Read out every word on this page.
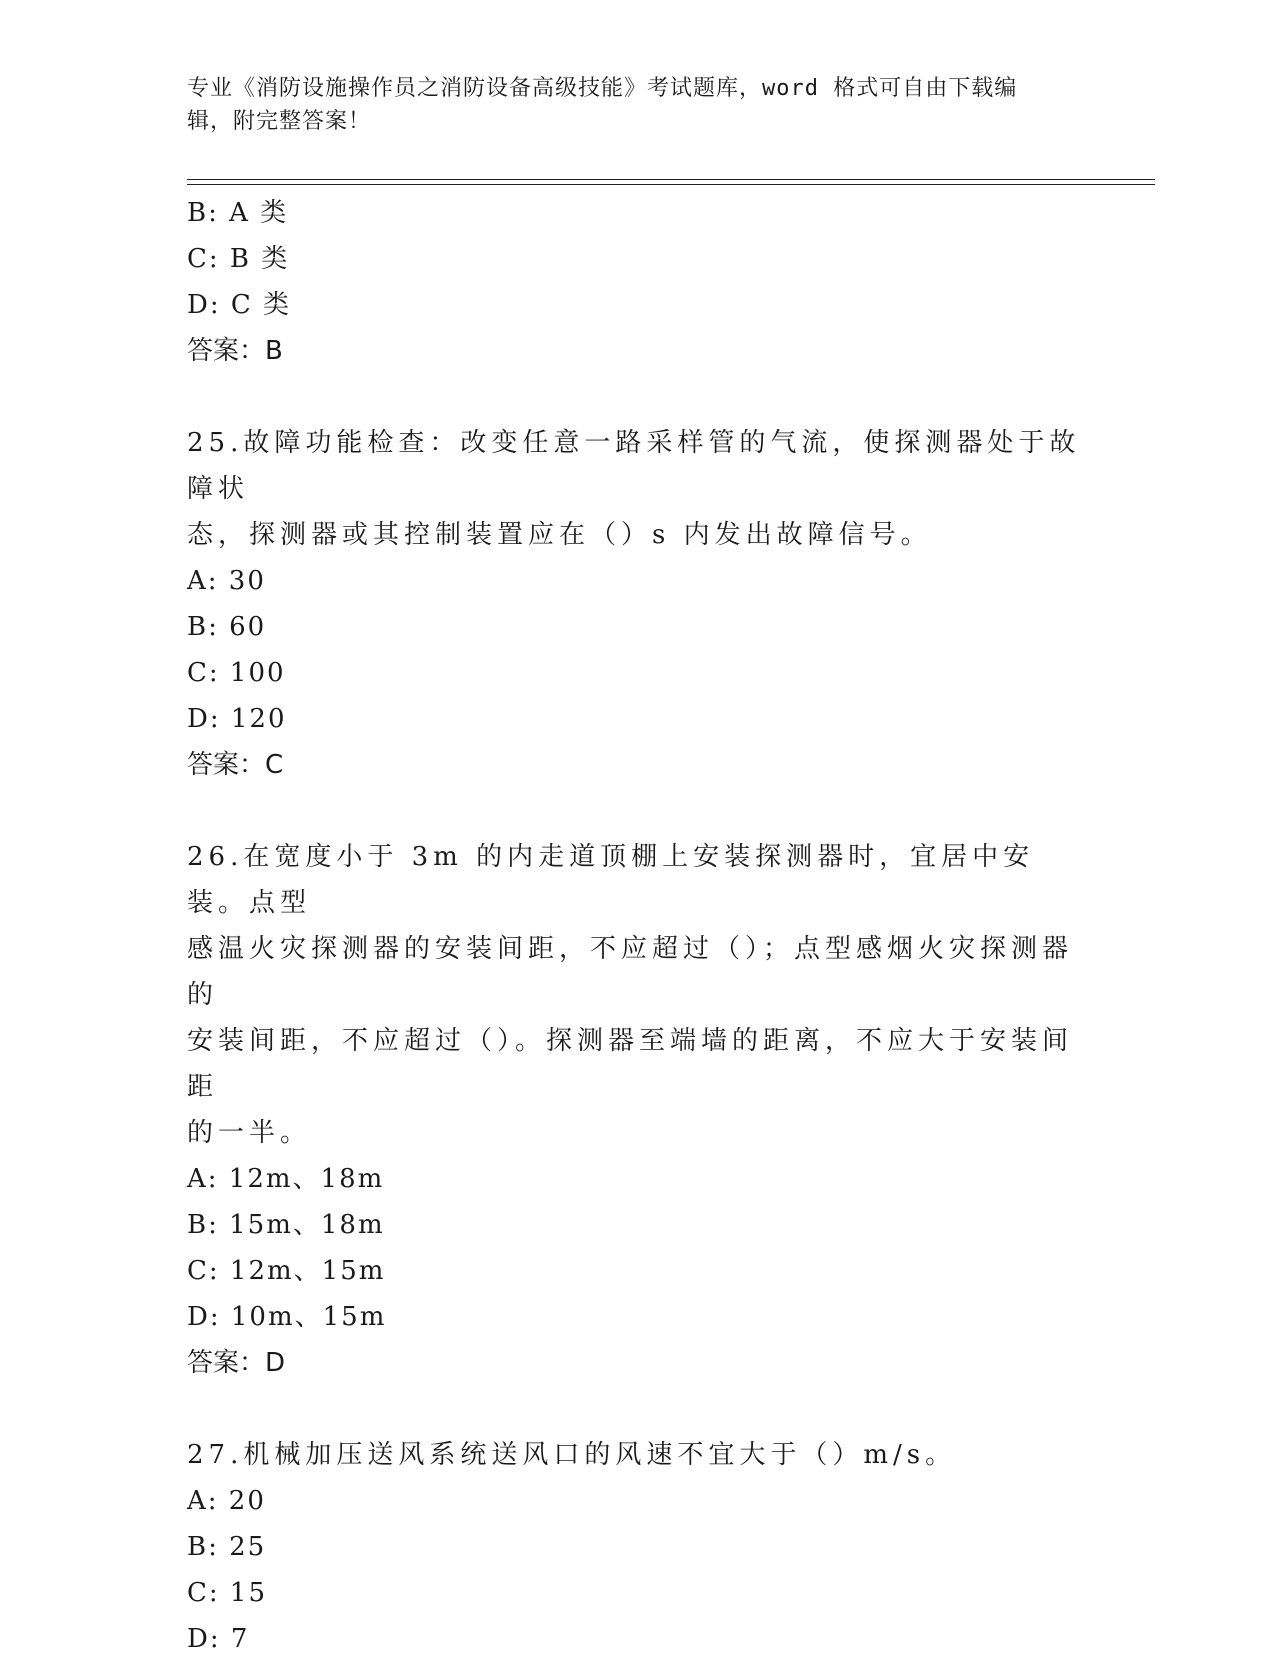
专业《消防设施操作员之消防设备高级技能》考试题库，word 格式可自由下载编
辑，附完整答案！
B: A 类
C: B 类
D: C 类
答案：B
25.故障功能检查：改变任意一路采样管的气流，使探测器处于故障状
态，探测器或其控制装置应在（）s 内发出故障信号。
A: 30
B: 60
C: 100
D: 120
答案：C
26.在宽度小于 3m 的内走道顶棚上安装探测器时，宜居中安装。点型
感温火灾探测器的安装间距，不应超过（）；点型感烟火灾探测器的
安装间距，不应超过（）。探测器至端墙的距离，不应大于安装间距
的一半。
A: 12m、18m
B: 15m、18m
C: 12m、15m
D: 10m、15m
答案：D
27.机械加压送风系统送风口的风速不宜大于（）m/s。
A: 20
B: 25
C: 15
D: 7
